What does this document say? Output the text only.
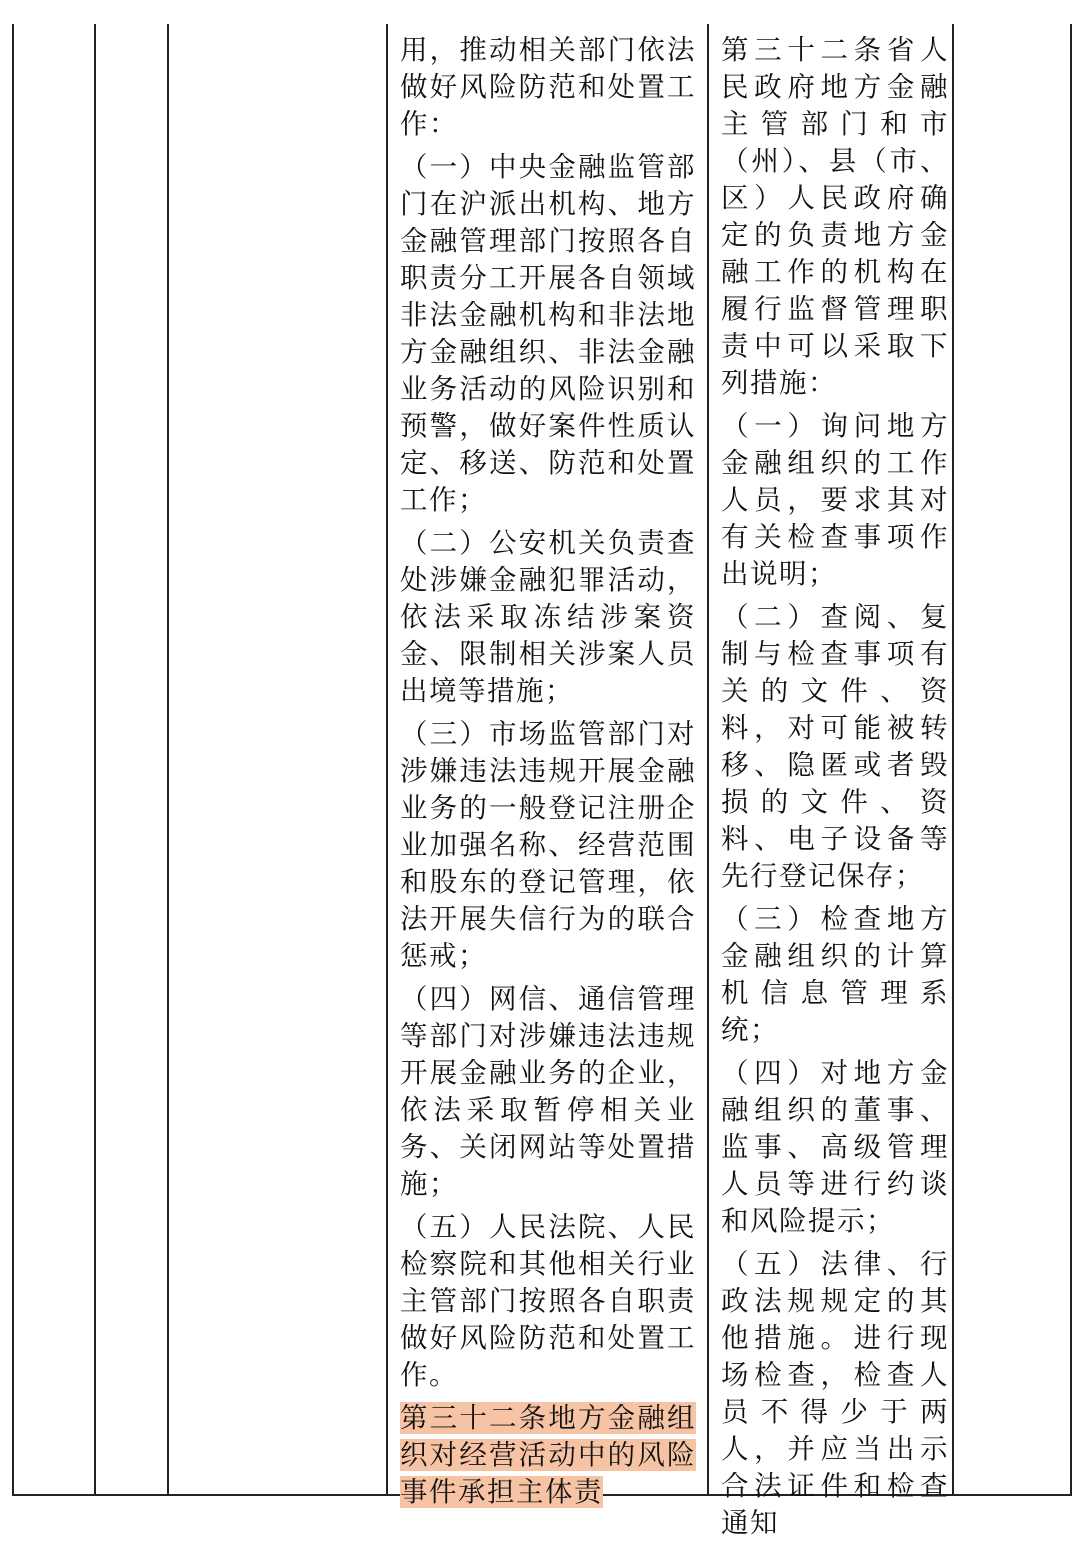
用，推动相关部门依法做好风险防范和处置工作：

（一）中央金融监管部门在沪派出机构、地方金融管理部门按照各自职责分工开展各自领域非法金融机构和非法地方金融组织、非法金融业务活动的风险识别和预警，做好案件性质认定、移送、防范和处置工作；

（二）公安机关负责查处涉嫌金融犯罪活动，依法采取冻结涉案资金、限制相关涉案人员出境等措施；

（三）市场监管部门对涉嫌违法违规开展金融业务的一般登记注册企业加强名称、经营范围和股东的登记管理，依法开展失信行为的联合惩戒；

（四）网信、通信管理等部门对涉嫌违法违规开展金融业务的企业，依法采取暂停相关业务、关闭网站等处置措施；

（五）人民法院、人民检察院和其他相关行业主管部门按照各自职责做好风险防范和处置工作。

第三十二条地方金融组织对经营活动中的风险事件承担主体责

第三十二条省人民政府地方金融主管部门和市（州）、县（市、区）人民政府确定的负责地方金融工作的机构在履行监督管理职责中可以采取下列措施：

（一）询问地方金融组织的工作人员，要求其对有关检查事项作出说明；

（二）查阅、复制与检查事项有关的文件、资料，对可能被转移、隐匿或者毁损的文件、资料、电子设备等先行登记保存；

（三）检查地方金融组织的计算机信息管理系统；

（四）对地方金融组织的董事、监事、高级管理人员等进行约谈和风险提示；

（五）法律、行政法规规定的其他措施。进行现场检查，检查人员不得少于两人，并应当出示合法证件和检查通知
